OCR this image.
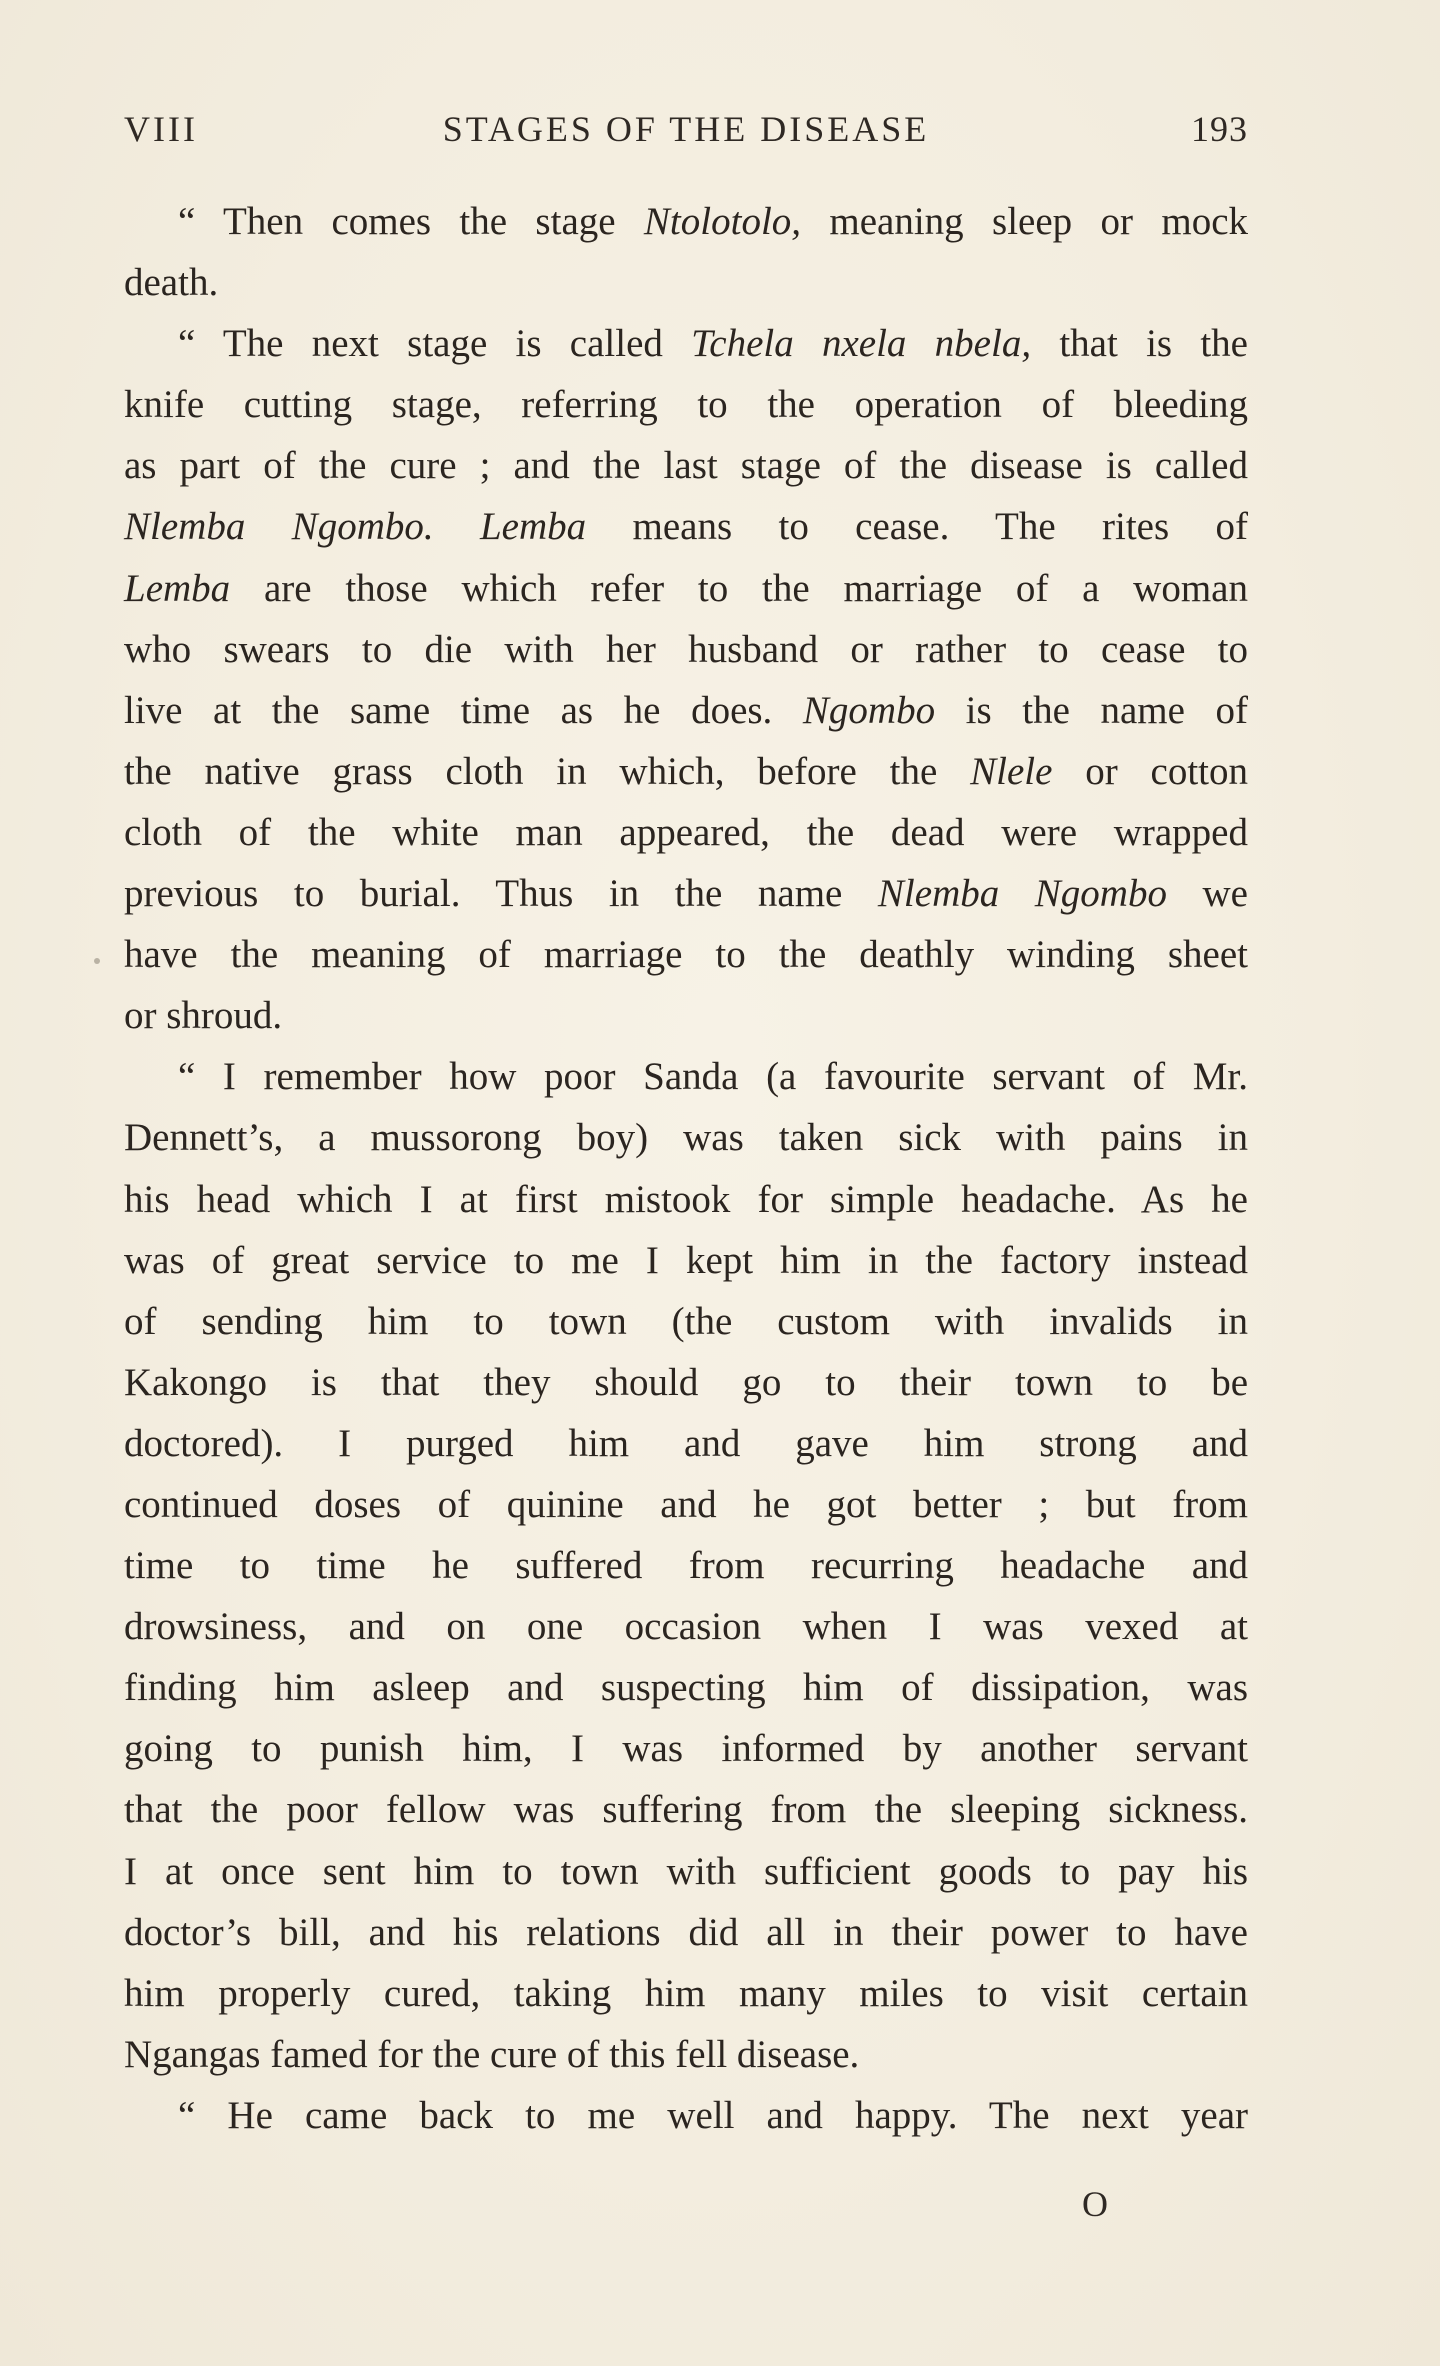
VIII	STAGES OF THE DISEASE	193
“ Then comes the stage Ntolotolo, meaning sleep or mock
death.
“ The next stage is called Tchela nxela nbela, that is the
knife cutting stage, referring to the operation of bleeding
as part of the cure ; and the last stage of the disease is called
Nlemba Ngombo. Lemba means to cease. The rites of
Lemba are those which refer to the marriage of a woman
who swears to die with her husband or rather to cease to
live at the same time as he does. Ngombo is the name of
the native grass cloth in which, before the Nlele or cotton
cloth of the white man appeared, the dead were wrapped
previous to burial. Thus in the name Nlemba Ngombo we
have the meaning of marriage to the deathly winding sheet
or shroud.
“ I remember how poor Sanda (a favourite servant of Mr.
Dennett’s, a mussorong boy) was taken sick with pains in
his head which I at first mistook for simple headache. As he
was of great service to me I kept him in the factory instead
of sending him to town (the custom with invalids in
Kakongo is that they should go to their town to be
doctored). I purged him and gave him strong and
continued doses of quinine and he got better ; but from
time to time he suffered from recurring headache and
drowsiness, and on one occasion when I was vexed at
finding him asleep and suspecting him of dissipation, was
going to punish him, I was informed by another servant
that the poor fellow was suffering from the sleeping sickness.
I at once sent him to town with sufficient goods to pay his
doctor’s bill, and his relations did all in their power to have
him properly cured, taking him many miles to visit certain
Ngangas famed for the cure of this fell disease.
“ He came back to me well and happy. The next year
O
